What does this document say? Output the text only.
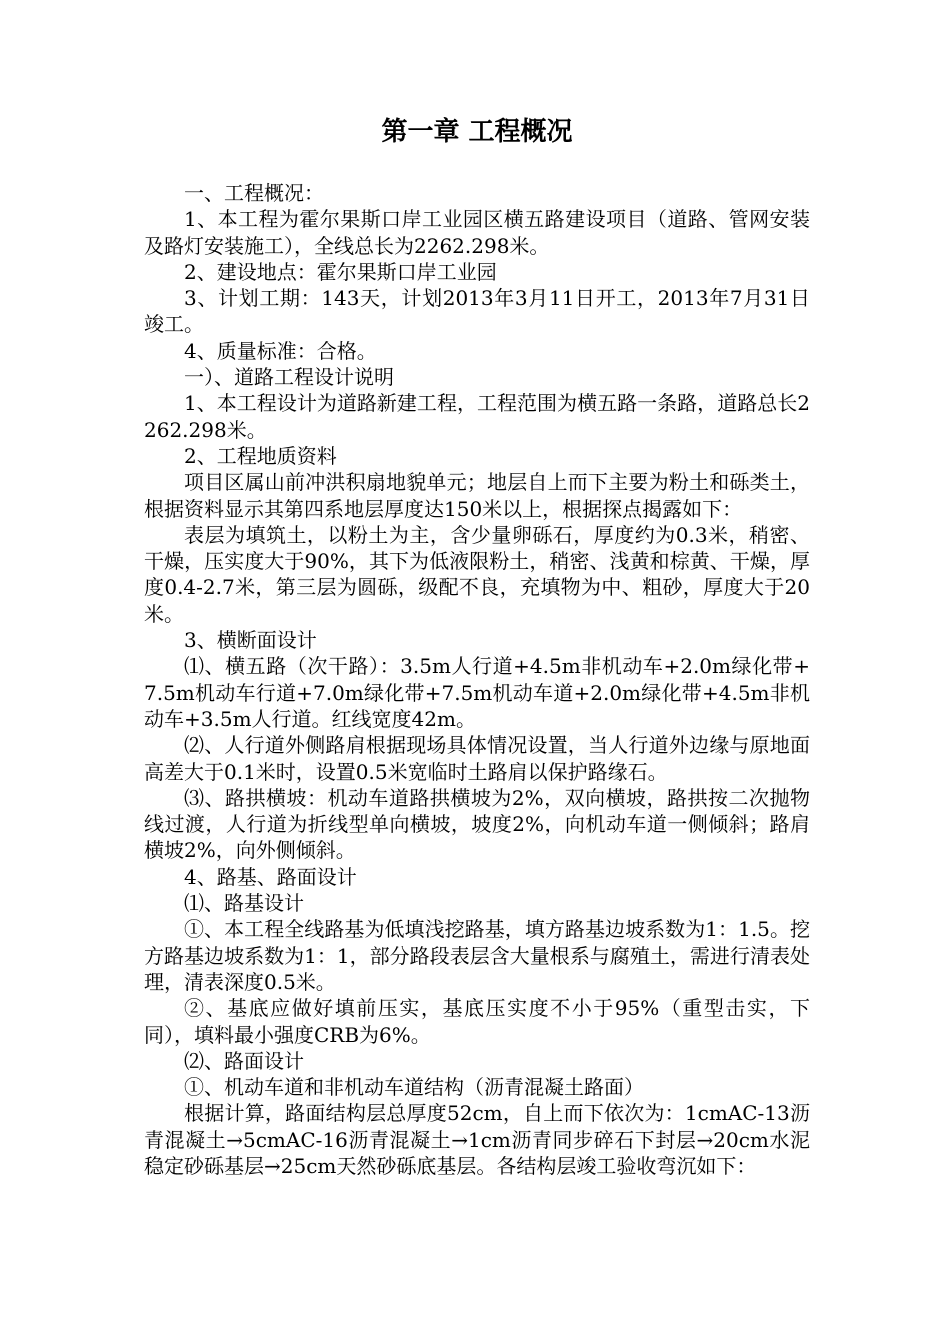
第一章 工程概况

一、工程概况：

1、本工程为霍尔果斯口岸工业园区横五路建设项目（道路、管网安装及路灯安装施工），全线总长为2262.298米。

2、建设地点：霍尔果斯口岸工业园

3、计划工期：143天，计划2013年3月11日开工，2013年7月31日竣工。

4、质量标准：合格。

一）、道路工程设计说明

1、本工程设计为道路新建工程，工程范围为横五路一条路，道路总长2262.298米。

2、工程地质资料

项目区属山前冲洪积扇地貌单元；地层自上而下主要为粉土和砾类土，根据资料显示其第四系地层厚度达150米以上，根据探点揭露如下：

表层为填筑土，以粉土为主，含少量卵砾石，厚度约为0.3米，稍密、干燥，压实度大于90%，其下为低液限粉土，稍密、浅黄和棕黄、干燥，厚度0.4-2.7米，第三层为圆砾，级配不良，充填物为中、粗砂，厚度大于20米。

3、横断面设计

⑴、横五路（次干路）：3.5m人行道+4.5m非机动车+2.0m绿化带+7.5m机动车行道+7.0m绿化带+7.5m机动车道+2.0m绿化带+4.5m非机动车+3.5m人行道。红线宽度42m。

⑵、人行道外侧路肩根据现场具体情况设置，当人行道外边缘与原地面高差大于0.1米时，设置0.5米宽临时土路肩以保护路缘石。

⑶、路拱横坡：机动车道路拱横坡为2%，双向横坡，路拱按二次抛物线过渡，人行道为折线型单向横坡，坡度2%，向机动车道一侧倾斜；路肩横坡2%，向外侧倾斜。

4、路基、路面设计

⑴、路基设计

①、本工程全线路基为低填浅挖路基，填方路基边坡系数为1：1.5。挖方路基边坡系数为1：1，部分路段表层含大量根系与腐殖土，需进行清表处理，清表深度0.5米。

②、基底应做好填前压实，基底压实度不小于95%（重型击实，下同），填料最小强度CRB为6%。

⑵、路面设计

①、机动车道和非机动车道结构（沥青混凝土路面）

根据计算，路面结构层总厚度52cm，自上而下依次为：1cmAC-13沥青混凝土→5cmAC-16沥青混凝土→1cm沥青同步碎石下封层→20cm水泥稳定砂砾基层→25cm天然砂砾底基层。各结构层竣工验收弯沉如下：
